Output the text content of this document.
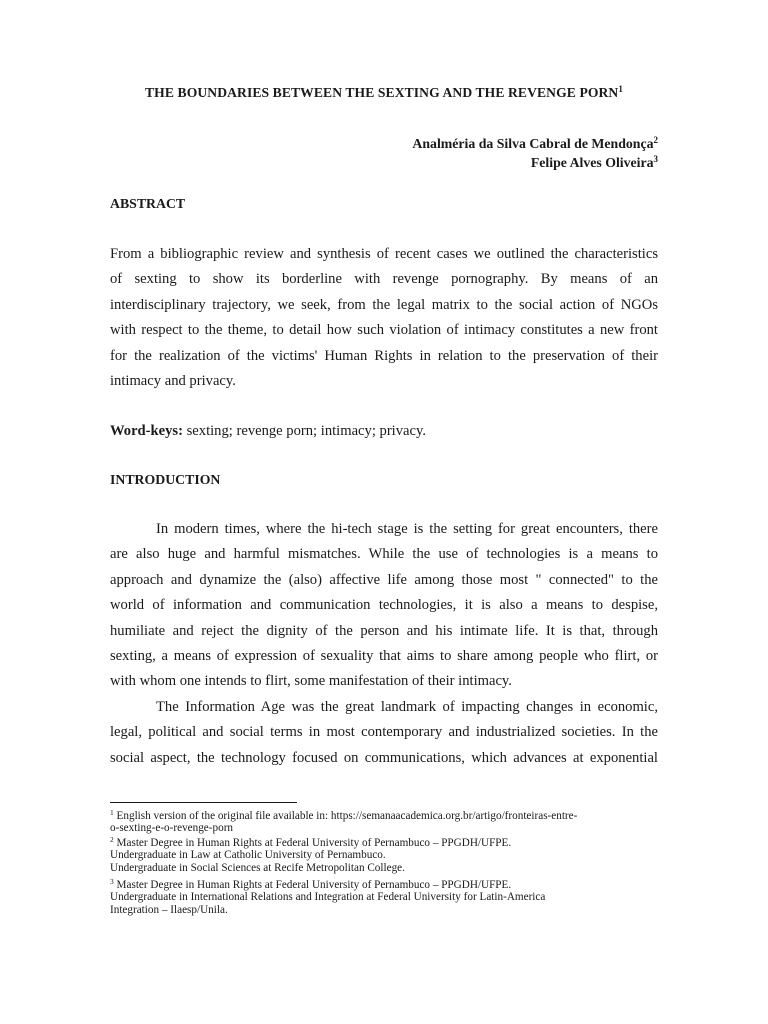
THE BOUNDARIES BETWEEN THE SEXTING AND THE REVENGE PORN$^1$
Analméria da Silva Cabral de Mendonça$^2$
Felipe Alves Oliveira$^3$
ABSTRACT
From a bibliographic review and synthesis of recent cases we outlined the characteristics
of sexting to show its borderline with revenge pornography. By means of an
interdisciplinary trajectory, we seek, from the legal matrix to the social action of NGOs
with respect to the theme, to detail how such violation of intimacy constitutes a new front
for the realization of the victims' Human Rights in relation to the preservation of their
intimacy and privacy.
Word-keys: sexting; revenge porn; intimacy; privacy.
INTRODUCTION
In modern times, where the hi-tech stage is the setting for great encounters, there
are also huge and harmful mismatches. While the use of technologies is a means to
approach and dynamize the (also) affective life among those most " connected" to the
world of information and communication technologies, it is also a means to despise,
humiliate and reject the dignity of the person and his intimate life. It is that, through
sexting, a means of expression of sexuality that aims to share among people who flirt, or
with whom one intends to flirt, some manifestation of their intimacy.
The Information Age was the great landmark of impacting changes in economic,
legal, political and social terms in most contemporary and industrialized societies. In the
social aspect, the technology focused on communications, which advances at exponential
$^1$ English version of the original file available in: https://semanaacademica.org.br/artigo/fronteiras-entre-
o-sexting-e-o-revenge-porn
$^2$ Master Degree in Human Rights at Federal University of Pernambuco – PPGDH/UFPE.
Undergraduate in Law at Catholic University of Pernambuco.
Undergraduate in Social Sciences at Recife Metropolitan College.
$^3$ Master Degree in Human Rights at Federal University of Pernambuco – PPGDH/UFPE.
Undergraduate in International Relations and Integration at Federal University for Latin-America
Integration – Ilaesp/Unila.
